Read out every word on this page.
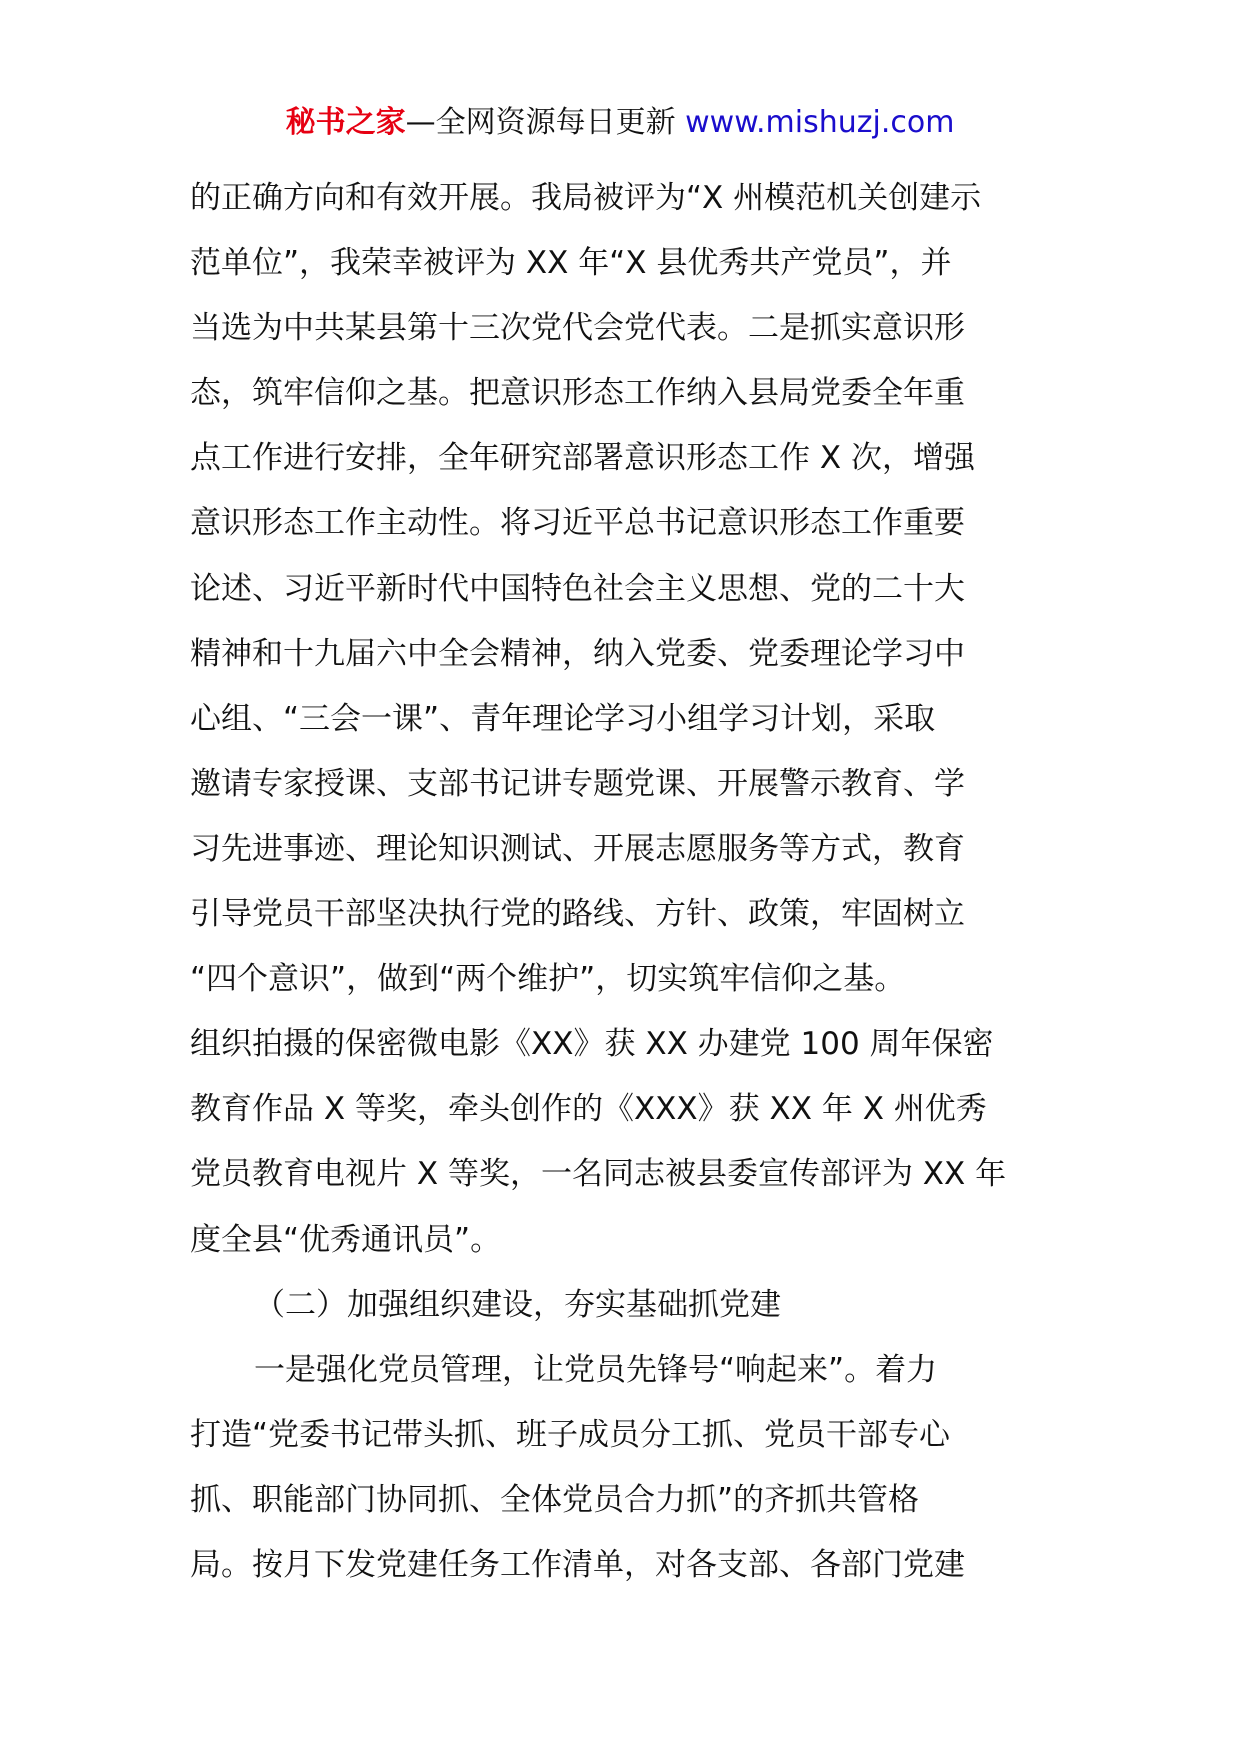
秘书之家—全网资源每日更新 www.mishuzj.com
的正确方向和有效开展。我局被评为“X 州模范机关创建示
范单位”，我荣幸被评为 XX 年“X 县优秀共产党员”，并
当选为中共某县第十三次党代会党代表。二是抓实意识形
态，筑牢信仰之基。把意识形态工作纳入县局党委全年重
点工作进行安排，全年研究部署意识形态工作 X 次，增强
意识形态工作主动性。将习近平总书记意识形态工作重要
论述、习近平新时代中国特色社会主义思想、党的二十大
精神和十九届六中全会精神，纳入党委、党委理论学习中
心组、“三会一课”、青年理论学习小组学习计划，采取
邀请专家授课、支部书记讲专题党课、开展警示教育、学
习先进事迹、理论知识测试、开展志愿服务等方式，教育
引导党员干部坚决执行党的路线、方针、政策，牢固树立
“四个意识”，做到“两个维护”，切实筑牢信仰之基。
组织拍摄的保密微电影《XX》获 XX 办建党 100 周年保密
教育作品 X 等奖，牵头创作的《XXX》获 XX 年 X 州优秀
党员教育电视片 X 等奖，一名同志被县委宣传部评为 XX 年
度全县“优秀通讯员”。
（二）加强组织建设，夯实基础抓党建
一是强化党员管理，让党员先锋号“响起来”。着力
打造“党委书记带头抓、班子成员分工抓、党员干部专心
抓、职能部门协同抓、全体党员合力抓”的齐抓共管格
局。按月下发党建任务工作清单，对各支部、各部门党建
